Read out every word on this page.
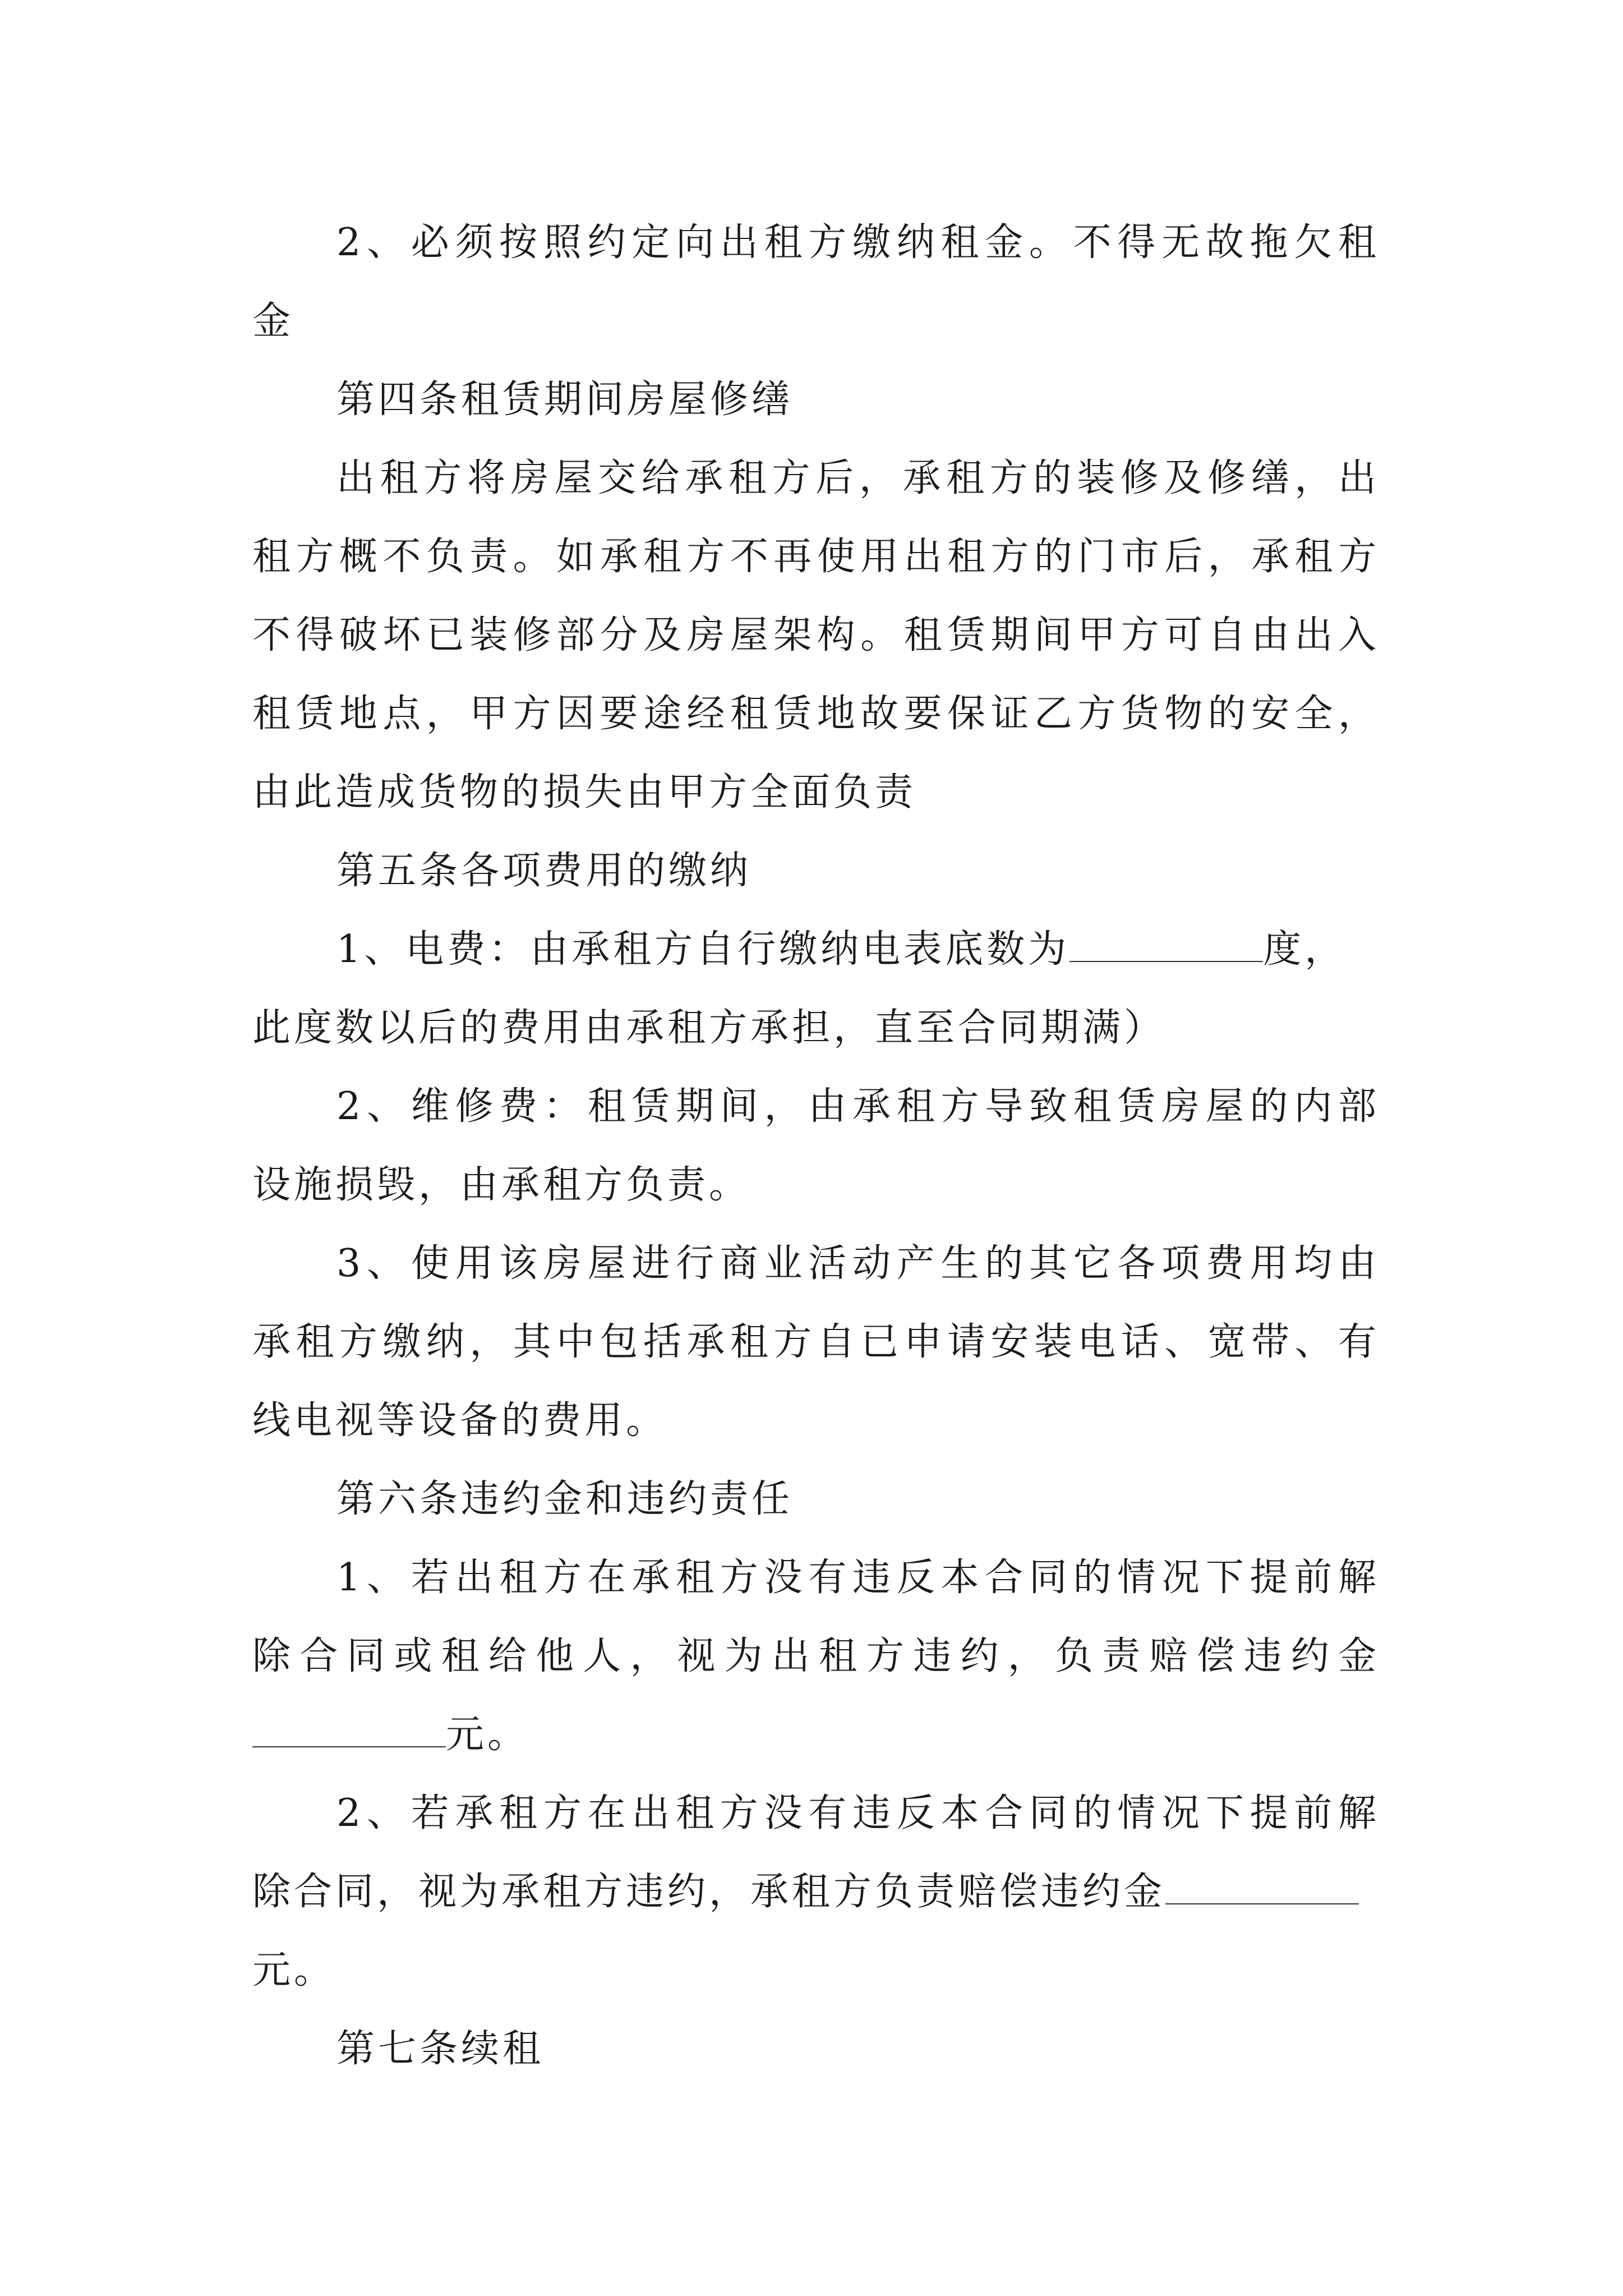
2、必须按照约定向出租方缴纳租金。不得无故拖欠租
金
第四条租赁期间房屋修缮
出租方将房屋交给承租方后，承租方的装修及修缮，出
租方概不负责。如承租方不再使用出租方的门市后，承租方
不得破坏已装修部分及房屋架构。租赁期间甲方可自由出入
租赁地点，甲方因要途经租赁地故要保证乙方货物的安全，
由此造成货物的损失由甲方全面负责
第五条各项费用的缴纳
1、电费：由承租方自行缴纳电表底数为	度，
此度数以后的费用由承租方承担，直至合同期满）
2、维修费：租赁期间，由承租方导致租赁房屋的内部
设施损毁，由承租方负责。
3、使用该房屋进行商业活动产生的其它各项费用均由
承租方缴纳，其中包括承租方自已申请安装电话、宽带、有
线电视等设备的费用。
第六条违约金和违约责任
1、若出租方在承租方没有违反本合同的情况下提前解
除合同或租给他人，视为出租方违约，负责赔偿违约金
元。
2、若承租方在出租方没有违反本合同的情况下提前解
除合同，视为承租方违约，承租方负责赔偿违约金
元。
第七条续租
